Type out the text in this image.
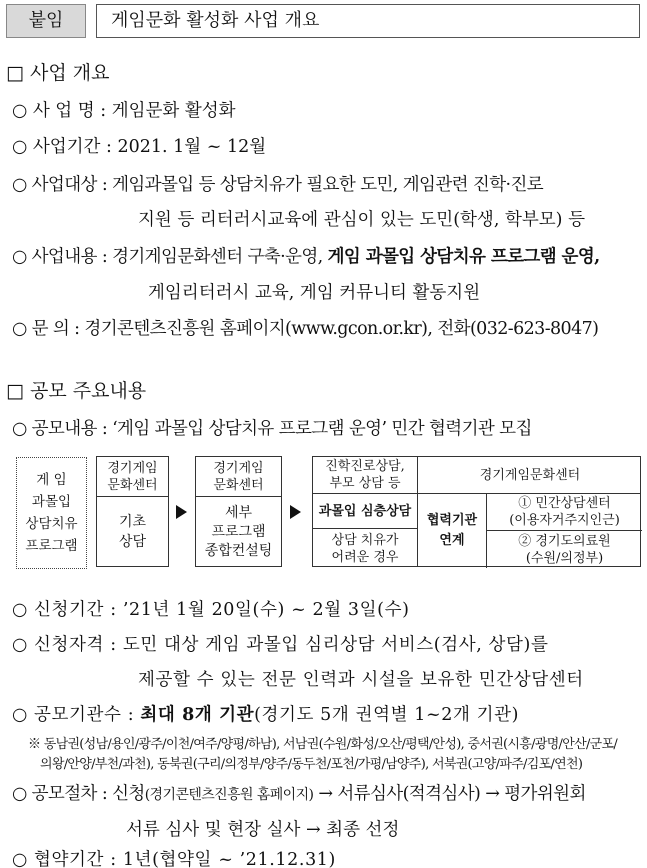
붙임	게임문화 활성화 사업 개요
□ 사업 개요
○ 사 업 명 : 게임문화 활성화
○ 사업기간 : 2021. 1월 ~ 12월
○ 사업대상 : 게임과몰입 등 상담치유가 필요한 도민, 게임관련 진학·진로
지원 등 리터러시교육에 관심이 있는 도민(학생, 학부모) 등
○ 사업내용 : 경기게임문화센터 구축·운영, 게임 과몰입 상담치유 프로그램 운영,
게임리터러시 교육, 게임 커뮤니티 활동지원
○ 문 의 : 경기콘텐츠진흥원 홈페이지(www.gcon.or.kr), 전화(032-623-8047)
□ 공모 주요내용
○ 공모내용 : ‘게임 과몰입 상담치유 프로그램 운영’ 민간 협력기관 모집
게 임
과몰입
상담치유
프로그램
경기게임
문화센터
기초
상담
경기게임
문화센터
세부
프로그램
종합컨설팅
진학진로상담,
부모 상담 등
과몰입 심층상담
상담 치유가
어려운 경우
경기게임문화센터
협력기관
연계
① 민간상담센터
(이용자거주지인근)
② 경기도의료원
(수원/의정부)
○ 신청기간 : ’21년 1월 20일(수) ~ 2월 3일(수)
○ 신청자격 : 도민 대상 게임 과몰입 심리상담 서비스(검사, 상담)를
제공할 수 있는 전문 인력과 시설을 보유한 민간상담센터
○ 공모기관수 : 최대 8개 기관(경기도 5개 권역별 1~2개 기관)
※ 동남권(성남/용인/광주/이천/여주/양평/하남), 서남권(수원/화성/오산/평택/안성), 중서권(시흥/광명/안산/군포/
의왕/안양/부천/과천), 동북권(구리/의정부/양주/동두천/포천/가평/남양주), 서북권(고양/파주/김포/연천)
○ 공모절차 : 신청(경기콘텐츠진흥원 홈페이지) → 서류심사(적격심사) → 평가위원회
서류 심사 및 현장 실사 → 최종 선정
○ 협약기간 : 1년(협약일 ~ ’21.12.31)
